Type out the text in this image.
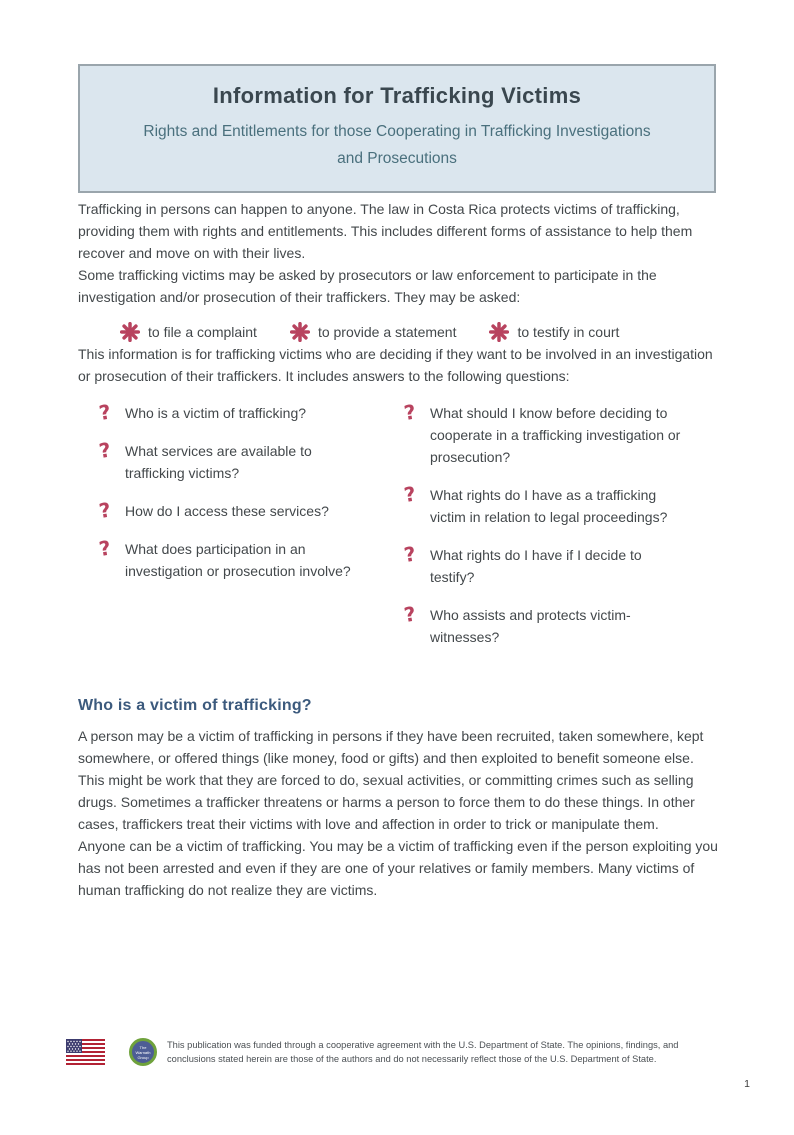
Information for Trafficking Victims
Rights and Entitlements for those Cooperating in Trafficking Investigations and Prosecutions

Trafficking in persons can happen to anyone. The law in Costa Rica protects victims of trafficking, providing them with rights and entitlements. This includes different forms of assistance to help them recover and move on with their lives.

Some trafficking victims may be asked by prosecutors or law enforcement to participate in the investigation and/or prosecution of their traffickers. They may be asked:

to file a complaint	to provide a statement	to testify in court

This information is for trafficking victims who are deciding if they want to be involved in an investigation or prosecution of their traffickers. It includes answers to the following questions:

? Who is a victim of trafficking?
? What services are available to trafficking victims?
? How do I access these services?
? What does participation in an investigation or prosecution involve?
? What should I know before deciding to cooperate in a trafficking investigation or prosecution?
? What rights do I have as a trafficking victim in relation to legal proceedings?
? What rights do I have if I decide to testify?
? Who assists and protects victim-witnesses?
Who is a victim of trafficking?

A person may be a victim of trafficking in persons if they have been recruited, taken somewhere, kept somewhere, or offered things (like money, food or gifts) and then exploited to benefit someone else. This might be work that they are forced to do, sexual activities, or committing crimes such as selling drugs. Sometimes a trafficker threatens or harms a person to force them to do these things. In other cases, traffickers treat their victims with love and affection in order to trick or manipulate them.

Anyone can be a victim of trafficking. You may be a victim of trafficking even if the person exploiting you has not been arrested and even if they are one of your relatives or family members. Many victims of human trafficking do not realize they are victims.

The Warnath Group
This publication was funded through a cooperative agreement with the U.S. Department of State. The opinions, findings, and conclusions stated herein are those of the authors and do not necessarily reflect those of the U.S. Department of State.
1
